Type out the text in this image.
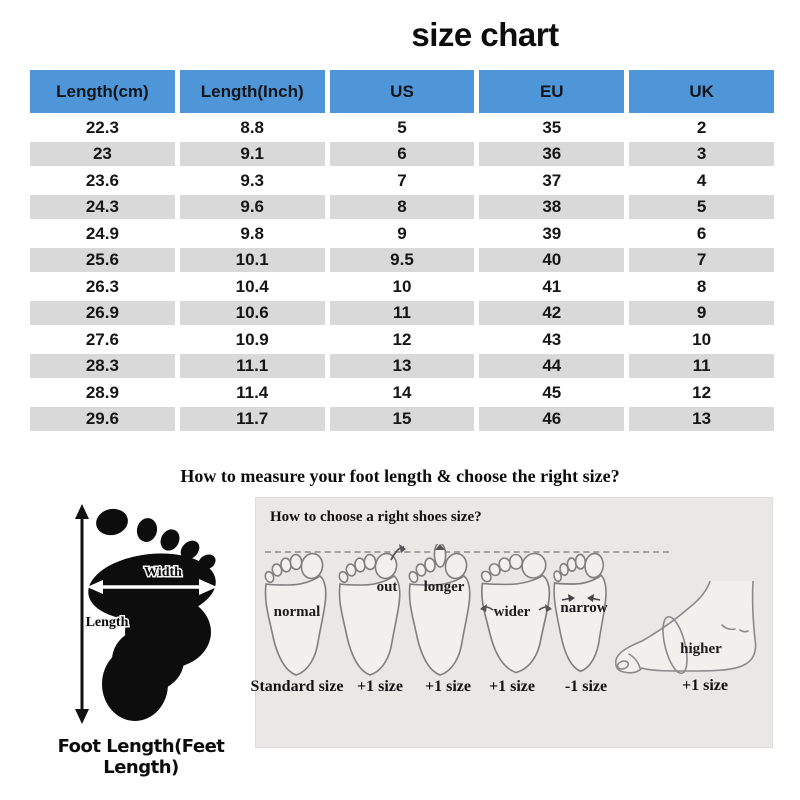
size chart
Length(cm)	Length(Inch)	US	EU	UK
22.3	8.8	5	35	2
23	9.1	6	36	3
23.6	9.3	7	37	4
24.3	9.6	8	38	5
24.9	9.8	9	39	6
25.6	10.1	9.5	40	7
26.3	10.4	10	41	8
26.9	10.6	11	42	9
27.6	10.9	12	43	10
28.3	11.1	13	44	11
28.9	11.4	14	45	12
29.6	11.7	15	46	13
How to measure your foot length & choose the right size?
Width
Length
Foot Length(Feet Length)
How to choose a right shoes size?
normal
out longer
wider narrow
higher
Standard size +1 size +1 size +1 size -1 size	+1 size
